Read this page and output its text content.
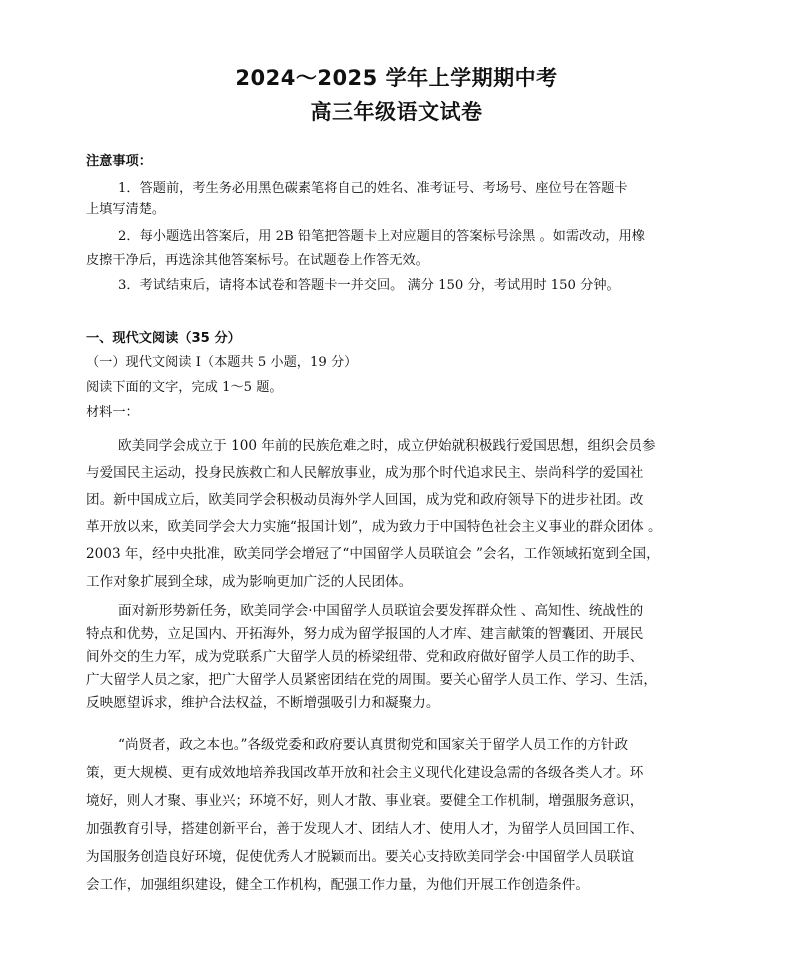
2024～2025 学年上学期期中考
高三年级语文试卷
注意事项：
1．答题前，考生务必用黑色碳素笔将自己的姓名、准考证号、考场号、座位号在答题卡
上填写清楚。
2．每小题选出答案后，用 2B 铅笔把答题卡上对应题目的答案标号涂黑 。如需改动，用橡
皮擦干净后，再选涂其他答案标号。在试题卷上作答无效。
3．考试结束后，请将本试卷和答题卡一并交回。 满分 150 分，考试用时 150 分钟。
一、现代文阅读（35 分）
（一）现代文阅读 I（本题共 5 小题，19 分）
阅读下面的文字，完成 1～5 题。
材料一：
欧美同学会成立于 100 年前的民族危难之时，成立伊始就积极践行爱国思想，组织会员参
与爱国民主运动，投身民族救亡和人民解放事业，成为那个时代追求民主、崇尚科学的爱国社
团。新中国成立后，欧美同学会积极动员海外学人回国，成为党和政府领导下的进步社团。改
革开放以来，欧美同学会大力实施“报国计划”，成为致力于中国特色社会主义事业的群众团体 。
2003 年，经中央批准，欧美同学会增冠了“中国留学人员联谊会 ”会名，工作领域拓宽到全国，
工作对象扩展到全球，成为影响更加广泛的人民团体。
面对新形势新任务，欧美同学会·中国留学人员联谊会要发挥群众性 、高知性、统战性的
特点和优势，立足国内、开拓海外，努力成为留学报国的人才库、建言献策的智囊团、开展民
间外交的生力军，成为党联系广大留学人员的桥梁纽带、党和政府做好留学人员工作的助手、
广大留学人员之家，把广大留学人员紧密团结在党的周围。要关心留学人员工作、学习、生活，
反映愿望诉求，维护合法权益，不断增强吸引力和凝聚力。
“尚贤者，政之本也。”各级党委和政府要认真贯彻党和国家关于留学人员工作的方针政
策，更大规模、更有成效地培养我国改革开放和社会主义现代化建设急需的各级各类人才。环
境好，则人才聚、事业兴；环境不好，则人才散、事业衰。要健全工作机制，增强服务意识，
加强教育引导，搭建创新平台，善于发现人才、团结人才、使用人才，为留学人员回国工作、
为国服务创造良好环境，促使优秀人才脱颖而出。要关心支持欧美同学会·中国留学人员联谊
会工作，加强组织建设，健全工作机构，配强工作力量，为他们开展工作创造条件。
